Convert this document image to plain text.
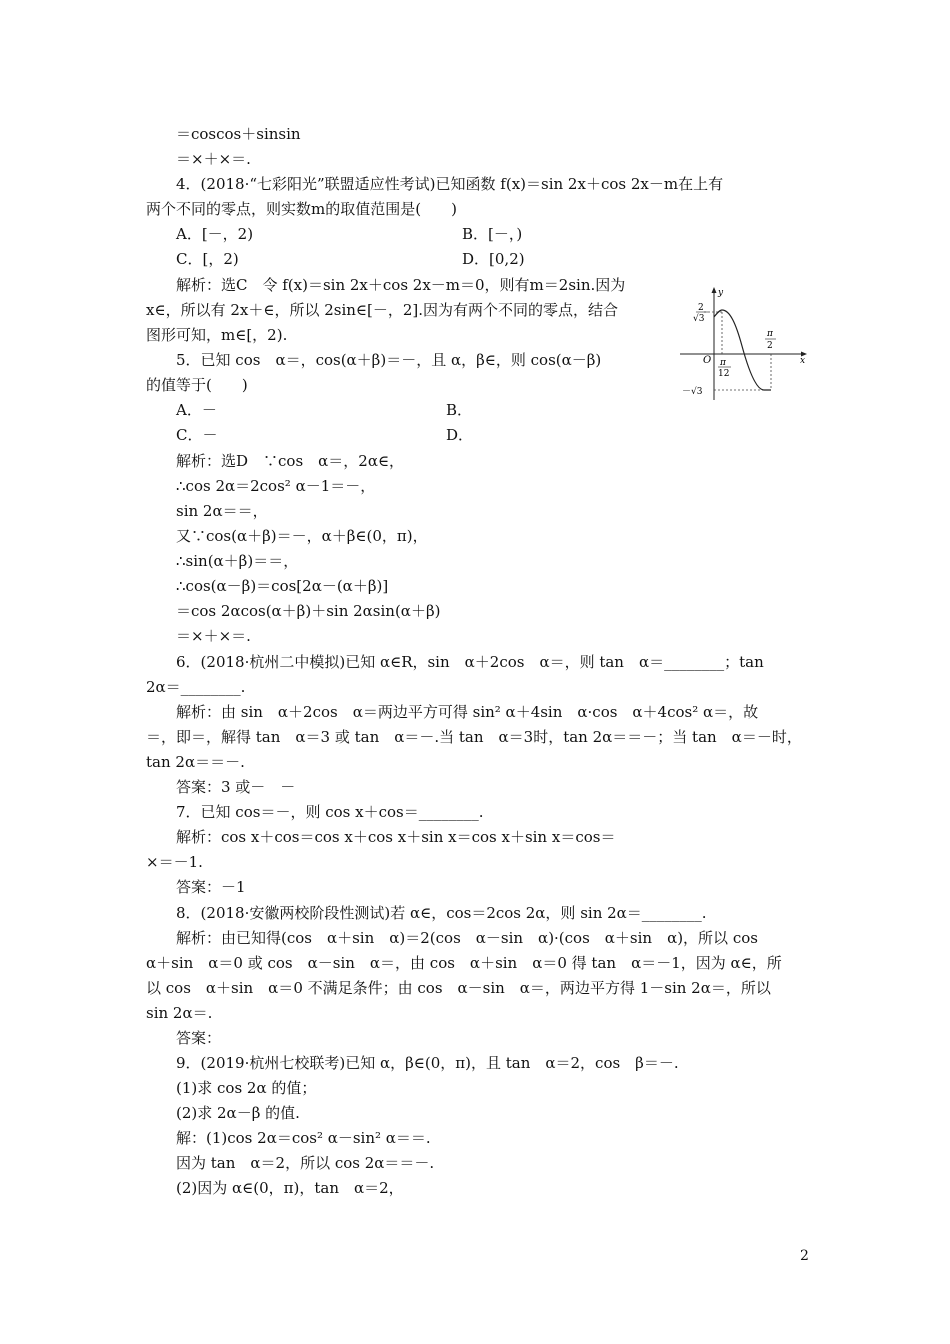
＝coscos＋sinsin
＝×＋×＝.
4．(2018·“七彩阳光”联盟适应性考试)已知函数 f(x)＝sin 2x＋cos 2x－m在上有
两个不同的零点，则实数m的取值范围是(　　)
解析：选C　令 f(x)＝sin 2x＋cos 2x－m＝0，则有m＝2sin.因为
x∈，所以有 2x＋∈，所以 2sin∈[－，2].因为有两个不同的零点，结合
图形可知，m∈[，2).
5．已知 cos　α＝，cos(α＋β)＝－，且 α，β∈，则 cos(α－β)
的值等于(　　)
解析：选D　∵cos　α＝，2α∈，
∴cos 2α＝2cos² α－1＝－，
sin 2α＝＝，
又∵cos(α＋β)＝－，α＋β∈(0，π)，
∴sin(α＋β)＝＝，
∴cos(α－β)＝cos[2α－(α＋β)]
＝cos 2αcos(α＋β)＋sin 2αsin(α＋β)
＝×＋×＝.
6．(2018·杭州二中模拟)已知 α∈R，sin　α＋2cos　α＝，则 tan　α＝________；tan
2α＝________.
解析：由 sin　α＋2cos　α＝两边平方可得 sin² α＋4sin　α·cos　α＋4cos² α＝，故
＝，即＝，解得 tan　α＝3 或 tan　α＝－.当 tan　α＝3时，tan 2α＝＝－；当 tan　α＝－时，
tan 2α＝＝－.
答案：3 或－　－
7．已知 cos＝－，则 cos x＋cos＝________.
解析：cos x＋cos＝cos x＋cos x＋sin x＝cos x＋sin x＝cos＝
×＝－1.
答案：－1
8．(2018·安徽两校阶段性测试)若 α∈，cos＝2cos 2α，则 sin 2α＝________.
解析：由已知得(cos　α＋sin　α)＝2(cos　α－sin　α)·(cos　α＋sin　α)，所以 cos
α＋sin　α＝0 或 cos　α－sin　α＝，由 cos　α＋sin　α＝0 得 tan　α＝－1，因为 α∈，所
以 cos　α＋sin　α＝0 不满足条件；由 cos　α－sin　α＝，两边平方得 1－sin 2α＝，所以
sin 2α＝.
答案：
9．(2019·杭州七校联考)已知 α，β∈(0，π)，且 tan　α＝2，cos　β＝－.
(1)求 cos 2α 的值；
(2)求 2α－β 的值.
解：(1)cos 2α＝cos² α－sin² α＝＝.
因为 tan　α＝2，所以 cos 2α＝＝－.
(2)因为 α∈(0，π)，tan　α＝2，
A．[－，2)	B．[－，)
C．[，2)	D．[0,2)
A．－	B．
C．－	D．
y
x
O
2
√3
－√3
π
12
π
2
2
